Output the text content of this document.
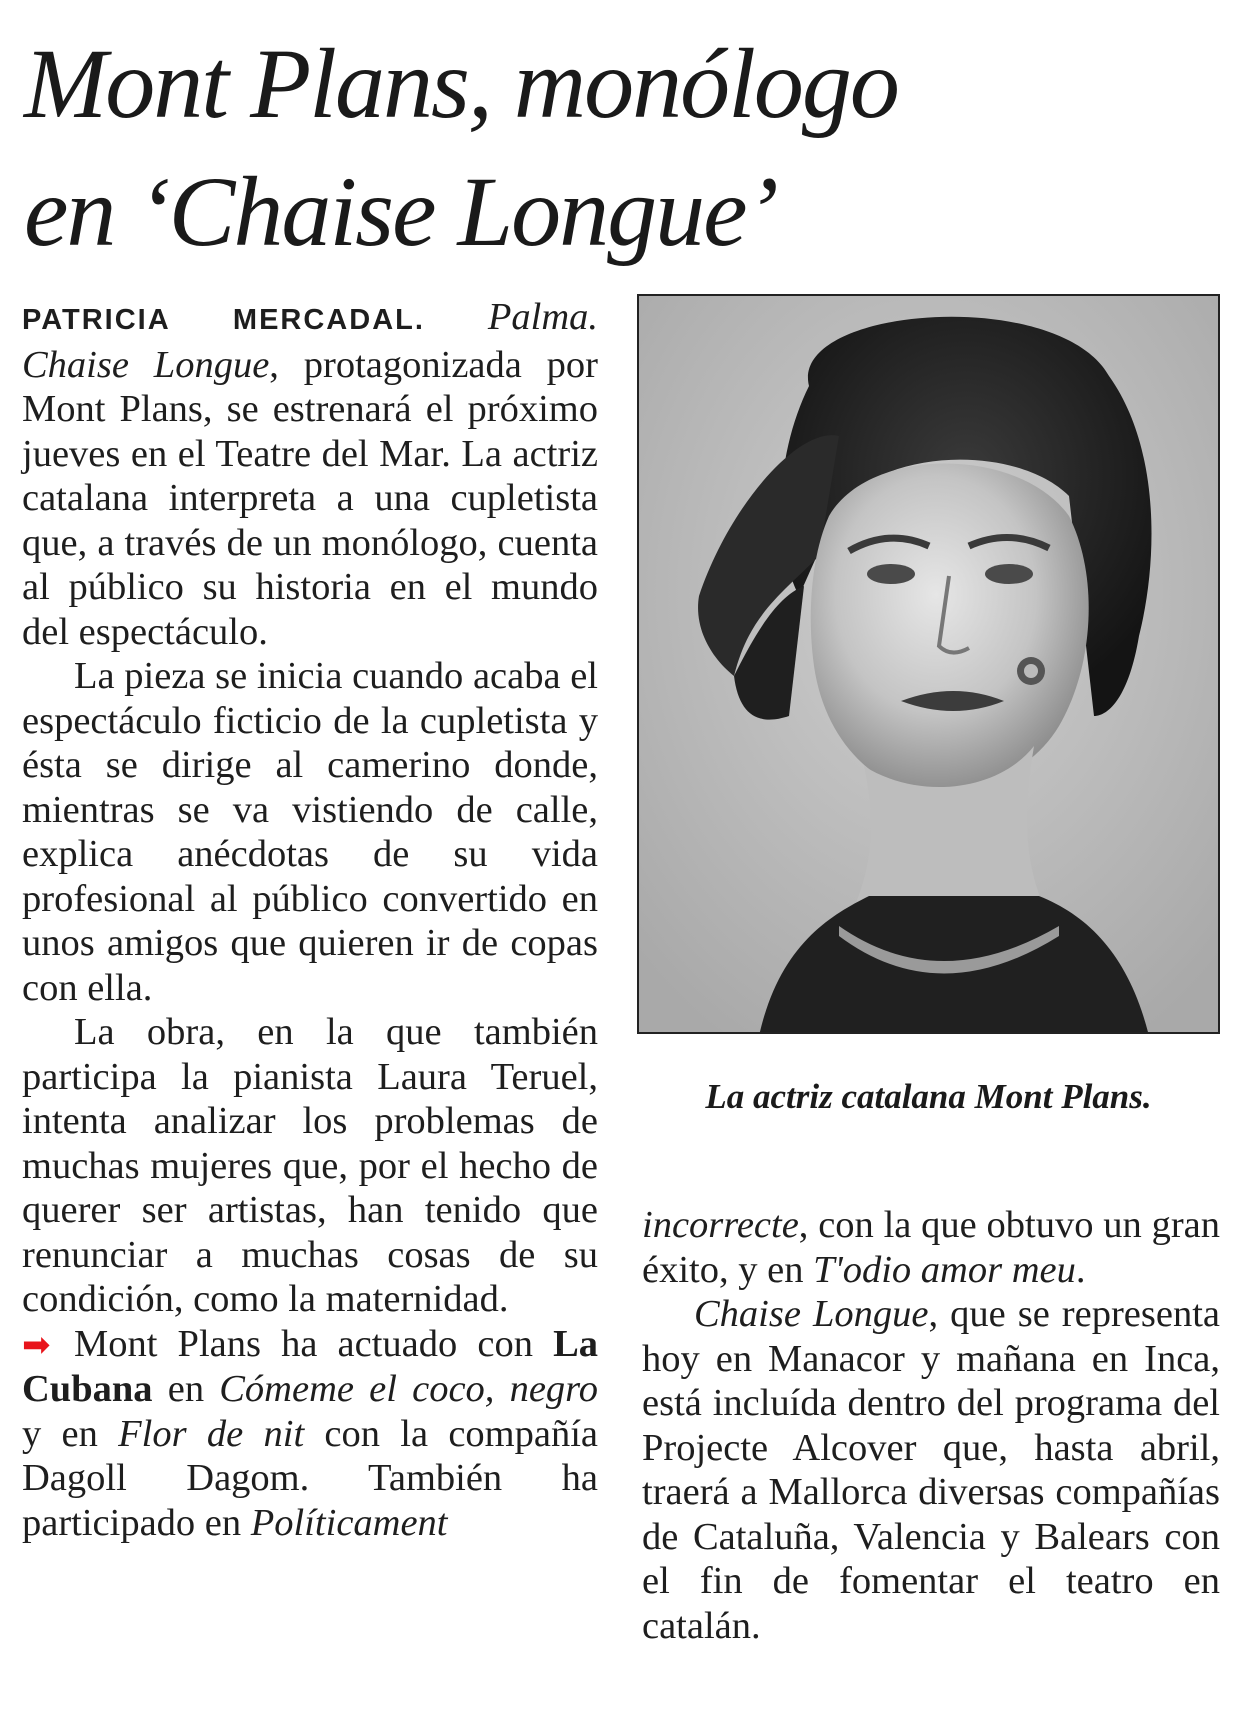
Mont Plans, monólogo
en ‘Chaise Longue’

PATRICIA MERCADAL. Palma. Chaise Longue, protagonizada por Mont Plans, se estrenará el próximo jueves en el Teatre del Mar. La actriz catalana interpreta a una cupletista que, a través de un monólogo, cuenta al público su historia en el mundo del espectáculo.

La pieza se inicia cuando acaba el espectáculo ficticio de la cupletista y ésta se dirige al camerino donde, mientras se va vistiendo de calle, explica anécdotas de su vida profesional al público convertido en unos amigos que quieren ir de copas con ella.

La obra, en la que también participa la pianista Laura Teruel, intenta analizar los problemas de muchas mujeres que, por el hecho de querer ser artistas, han tenido que renunciar a muchas cosas de su condición, como la maternidad.

➡ Mont Plans ha actuado con La Cubana en Cómeme el coco, negro y en Flor de nit con la compañía Dagoll Dagom. También ha participado en Políticament

La actriz catalana Mont Plans.

incorrecte, con la que obtuvo un gran éxito, y en T'odio amor meu.

Chaise Longue, que se representa hoy en Manacor y mañana en Inca, está incluída dentro del programa del Projecte Alcover que, hasta abril, traerá a Mallorca diversas compañías de Cataluña, Valencia y Balears con el fin de fomentar el teatro en catalán.
